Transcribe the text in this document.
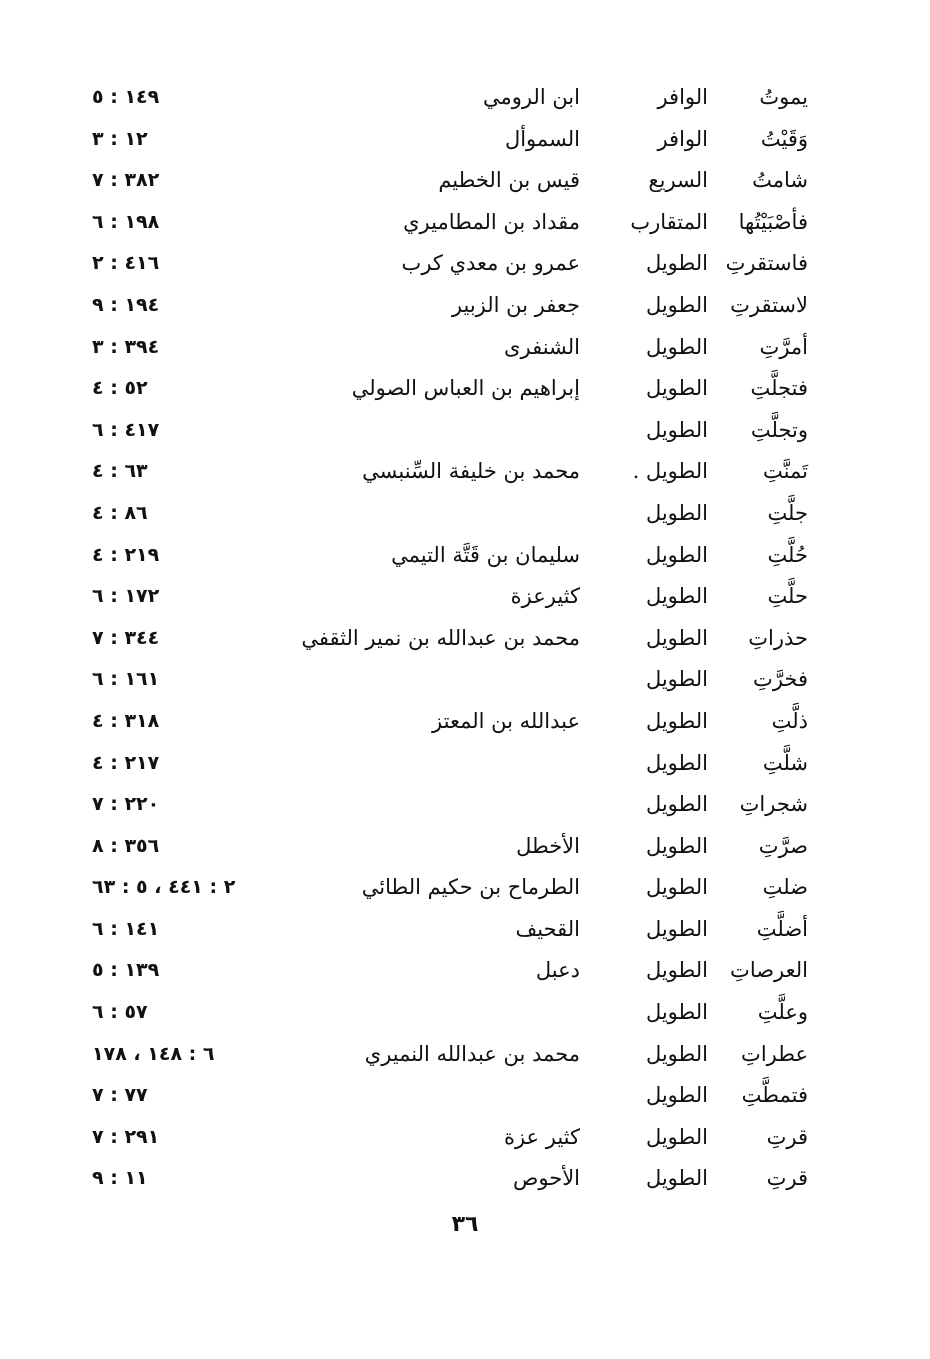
يموتُ
الوافر
ابن الرومي
١٤٩ : ٥
وَقَيْتُ
الوافر
السموأل
١٢ : ٣
شامتُ
السريع
قيس بن الخطيم
٣٨٢ : ٧
فأصْبَيْتُها
المتقارب
مقداد بن المطاميري
١٩٨ : ٦
فاستقرتِ
الطويل
عمرو بن معدي كرب
٤١٦ : ٢
لاستقرتِ
الطويل
جعفر بن الزبير
١٩٤ : ٩
أمرَّتِ
الطويل
الشنفرى
٣٩٤ : ٣
فتجلَّتِ
الطويل
إبراهيم بن العباس الصولي
٥٢ : ٤
وتجلَّتِ
الطويل
٤١٧ : ٦
تَمنَّتِ
الطويل .
محمد بن خليفة السِّنبسي
٦٣ : ٤
جلَّتِ
الطويل
٨٦ : ٤
حُلَّتِ
الطويل
سليمان بن قَتَّة التيمي
٢١٩ : ٤
حلَّتِ
الطويل
كثيرعزة
١٧٢ : ٦
حذراتِ
الطويل
محمد بن عبدالله بن نمير الثقفي
٣٤٤ : ٧
فخرَّتِ
الطويل
١٦١ : ٦
ذلَّتِ
الطويل
عبدالله بن المعتز
٣١٨ : ٤
شلَّتِ
الطويل
٢١٧ : ٤
شجراتِ
الطويل
٢٢٠ : ٧
صرَّتِ
الطويل
الأخطل
٣٥٦ : ٨
ضلتِ
الطويل
الطرماح بن حكيم الطائي
٢ : ٤٤١ ، ٥ : ٦٣
أضلَّتِ
الطويل
القحيف
١٤١ : ٦
العرصاتِ
الطويل
دعبل
١٣٩ : ٥
وعلَّتِ
الطويل
٥٧ : ٦
عطراتِ
الطويل
محمد بن عبدالله النميري
٦ : ١٤٨ ، ١٧٨
فتمطَّتِ
الطويل
٧٧ : ٧
قرتِ
الطويل
كثير عزة
٢٩١ : ٧
قرتِ
الطويل
الأحوص
١١ : ٩
٣٦
